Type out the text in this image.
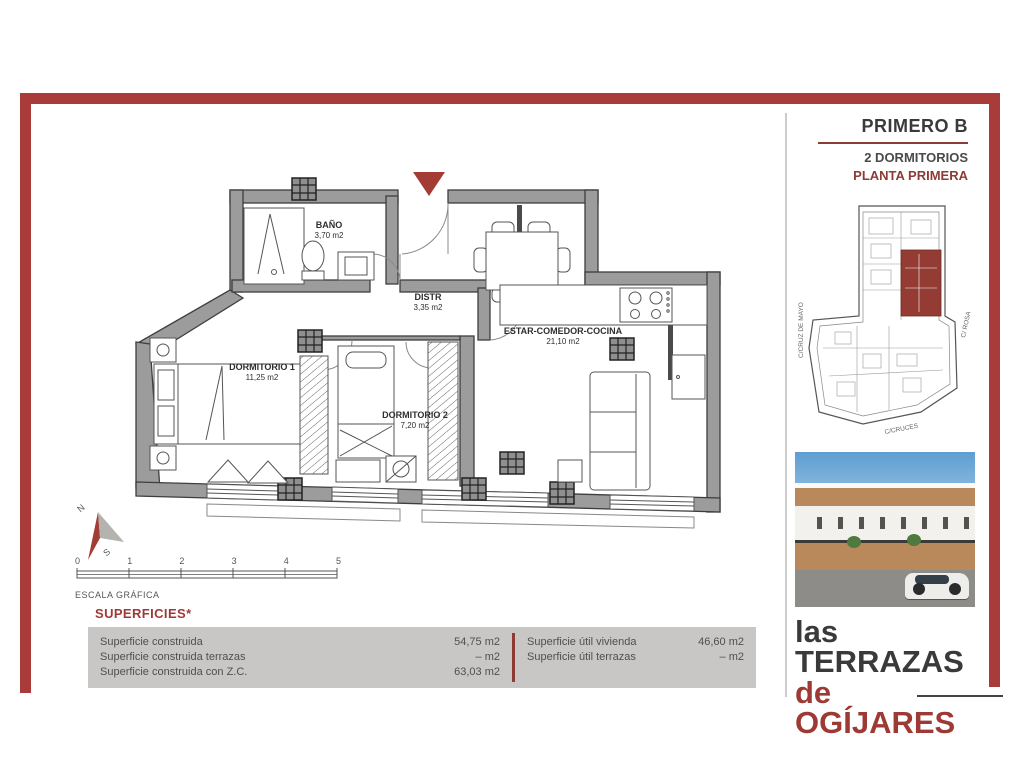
PRIMERO B
2 DORMITORIOS
PLANTA PRIMERA
BAÑO
3,70 m2
DISTR
3,35 m2
ESTAR-COMEDOR-COCINA
21,10 m2
DORMITORIO 1
11,25 m2
DORMITORIO 2
7,20 m2
N
S
0	1	2	3	4	5
ESCALA GRÁFICA
SUPERFICIES*
Superficie construida	54,75 m2
Superficie construida terrazas	– m2
Superficie construida con Z.C.	63,03 m2
Superficie útil vivienda	46,60 m2
Superficie útil terrazas	– m2
C/CRUZ DE MAYO	C/ ROSA
C/CRUCES
las TERRAZAS
de OGÍJARES
